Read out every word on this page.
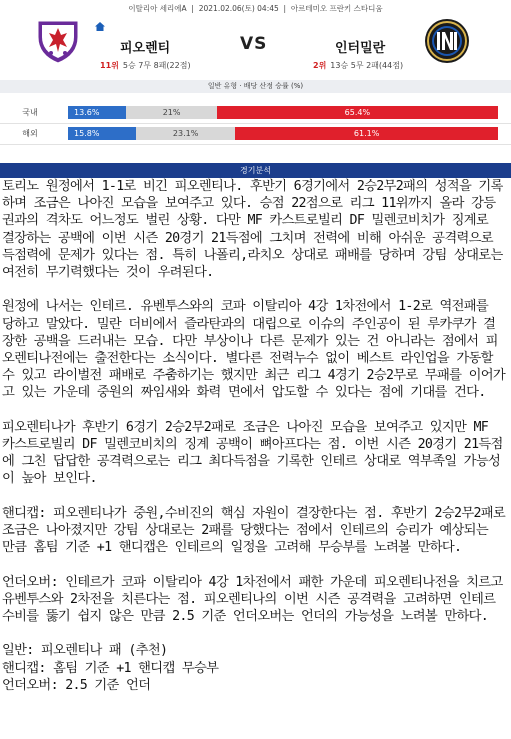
이탈리아 세리에A  |  2021.02.06(토) 04:45  |  아르테미오 프란키 스타디움
피오렌티	VS	인터밀란
11위 5승 7무 8패(22점)	2위 13승 5무 2패(44점)
일반 유형 · 배당 산정 승률 (%)
국내	13.6%	21%	65.4%
해외	15.8%	23.1%	61.1%
경기분석

토리노 원정에서 1-1로 비긴 피오렌티나. 후반기 6경기에서 2승2무2패의 성적을 기록하며 조금은 나아진 모습을 보여주고 있다. 승점 22점으로 리그 11위까지 올라 강등권과의 격차도 어느정도 벌린 상황. 다만 MF 카스트로빌리 DF 밀렌코비치가 징계로 결장하는 공백에 이번 시즌 20경기 21득점에 그치며 전력에 비해 아쉬운 공격력으로 득점력에 문제가 있다는 점. 특히 나폴리,라치오 상대로 패배를 당하며 강팀 상대로는 여전히 무기력했다는 것이 우려된다.

원정에 나서는 인테르. 유벤투스와의 코파 이탈리아 4강 1차전에서 1-2로 역전패를 당하고 말았다. 밀란 더비에서 즐라탄과의 대립으로 이슈의 주인공이 된 루카쿠가 결장한 공백을 드러내는 모습. 다만 부상이나 다른 문제가 있는 건 아니라는 점에서 피오렌티나전에는 출전한다는 소식이다. 별다른 전력누수 없이 베스트 라인업을 가동할 수 있고 라이벌전 패배로 주춤하기는 했지만 최근 리그 4경기 2승2무로 무패를 이어가고 있는 가운데 중원의 짜임새와 화력 면에서 압도할 수 있다는 점에 기대를 건다.

피오렌티나가 후반기 6경기 2승2무2패로 조금은 나아진 모습을 보여주고 있지만 MF 카스트로빌리 DF 밀렌코비치의 징계 공백이 뼈아프다는 점. 이번 시즌 20경기 21득점에 그친 답답한 공격력으로는 리그 최다득점을 기록한 인테르 상대로 역부족일 가능성이 높아 보인다.

핸디캡: 피오렌티나가 중원,수비진의 핵심 자원이 결장한다는 점. 후반기 2승2무2패로 조금은 나아졌지만 강팀 상대로는 2패를 당했다는 점에서 인테르의 승리가 예상되는 만큼 홈팀 기준 +1 핸디캡은 인테르의 일정을 고려해 무승부를 노려볼 만하다.

언더오버: 인테르가 코파 이탈리아 4강 1차전에서 패한 가운데 피오렌티나전을 치르고 유벤투스와 2차전을 치른다는 점. 피오렌티나의 이번 시즌 공격력을 고려하면 인테르 수비를 뚫기 쉽지 않은 만큼 2.5 기준 언더오버는 언더의 가능성을 노려볼 만하다.

일반: 피오렌티나 패 (추천)

핸디캡: 홈팀 기준 +1 핸디캡 무승부

언더오버: 2.5 기준 언더
